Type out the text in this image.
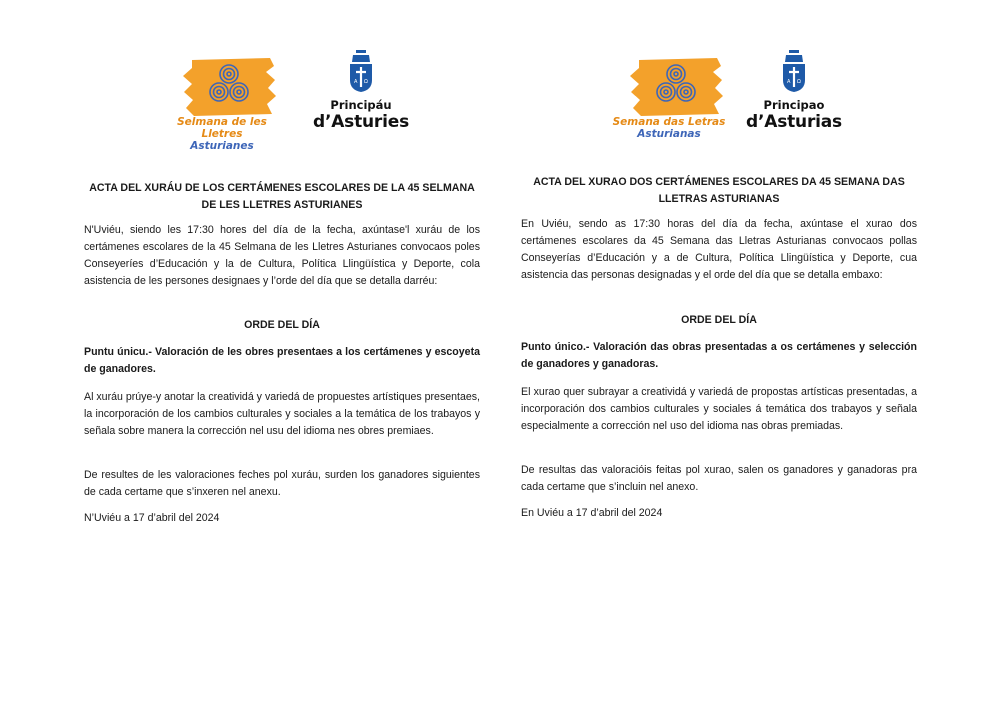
Selmana de les Lletres
Asturianes
A Ω
Principáu
d’Asturies
ACTA DEL XURÁU DE LOS CERTÁMENES ESCOLARES DE LA 45 SELMANA DE LES LLETRES ASTURIANES

N'Uviéu, siendo les 17:30 hores del día de la fecha, axúntase'l xuráu de los certámenes escolares de la 45 Selmana de les Lletres Asturianes convocaos poles Conseyeríes d’Educación y la de Cultura, Política Llingüística y Deporte, cola asistencia de les persones designaes y l’orde del día que se detalla darréu:

ORDE DEL DÍA

Puntu únicu.- Valoración de les obres presentaes a los certámenes y escoyeta de ganadores.

Al xuráu prúye-y anotar la creatividá y variedá de propuestes artístiques presentaes, la incorporación de los cambios culturales y sociales a la temática de los trabayos y señala sobre manera la corrección nel usu del idioma nes obres premiaes.

De resultes de les valoraciones feches pol xuráu, surden los ganadores siguientes de cada certame que s’inxeren nel anexu.

N’Uviéu a 17 d’abril del 2024

Semana das Letras
Asturianas
A Ω
Principao
d’Asturias
ACTA DEL XURAO DOS CERTÁMENES ESCOLARES DA 45 SEMANA DAS LLETRAS ASTURIANAS

En Uviéu, sendo as 17:30 horas del día da fecha, axúntase el xurao dos certámenes escolares da 45 Semana das Lletras Asturianas convocaos pollas Conseyerías d’Educación y a de Cultura, Política Llingüística y Deporte, cua asistencia das personas designadas y el orde del día que se detalla embaxo:

ORDE DEL DÍA

Punto único.- Valoración das obras presentadas a os certámenes y selección de ganadores y ganadoras.

El xurao quer subrayar a creatividá y variedá de propostas artísticas presentadas, a incorporación dos cambios culturales y sociales á temática dos trabayos y señala especialmente a corrección nel uso del idioma nas obras premiadas.

De resultas das valoracióis feitas pol xurao, salen os ganadores y ganadoras pra cada certame que s’incluin nel anexo.

En Uviéu a 17 d’abril del 2024
